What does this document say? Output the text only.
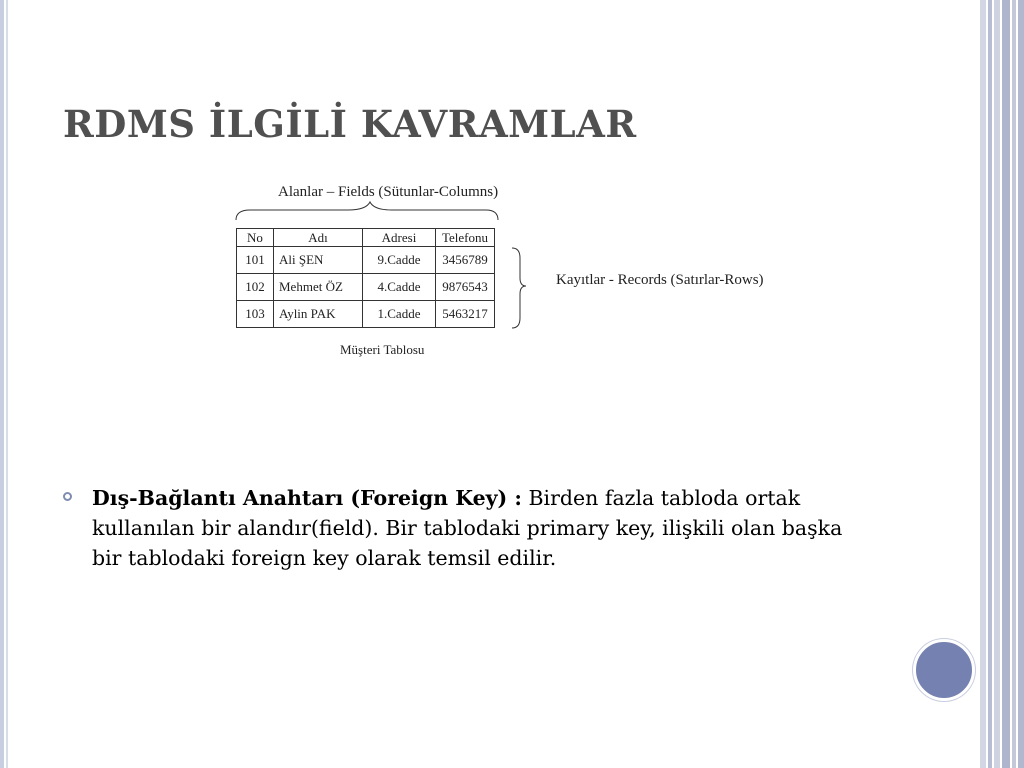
RDMS İLGİLİ KAVRAMLAR
Alanlar – Fields (Sütunlar-Columns)
No	Adı	Adresi	Telefonu
101	Ali ŞEN	9.Cadde	3456789
102	Mehmet ÖZ	4.Cadde	9876543
103	Aylin PAK	1.Cadde	5463217
Kayıtlar - Records (Satırlar-Rows)
Müşteri Tablosu
Dış-Bağlantı Anahtarı (Foreign Key) : Birden fazla tabloda ortak kullanılan bir alandır(field). Bir tablodaki primary key, ilişkili olan başka bir tablodaki foreign key olarak temsil edilir.
